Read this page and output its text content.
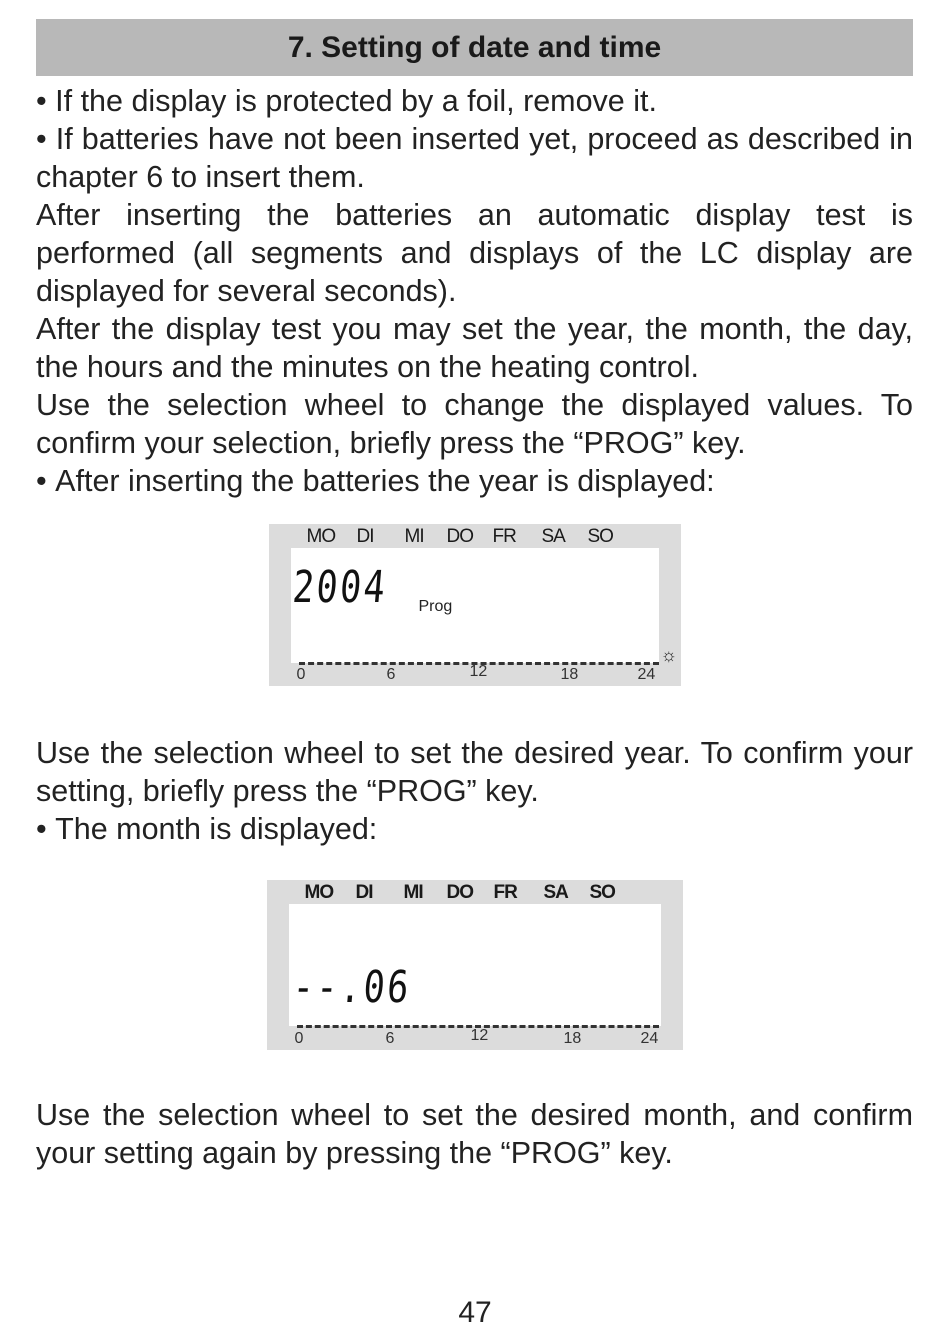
7. Setting of date and time

• If the display is protected by a foil, remove it.

• If batteries have not been inserted yet, proceed as described in chapter 6 to insert them.

After inserting the batteries an automatic display test is performed (all segments and displays of the LC display are displayed for several seconds).

After the display test you may set the year, the month, the day, the hours and the minutes on the heating control.

Use the selection wheel to change the displayed values. To confirm your selection, briefly press the “PROG” key.

• After inserting the batteries the year is displayed:

MO DI MI DO FR SA SO
2004 Prog
☼
0	6	12	18	24

Use the selection wheel to set the desired year. To confirm your setting, briefly press the “PROG” key.

• The month is displayed:

MO DI MI DO FR SA SO
--.06
0	6	12	18	24

Use the selection wheel to set the desired month, and confirm your setting again by pressing the “PROG” key.

47
